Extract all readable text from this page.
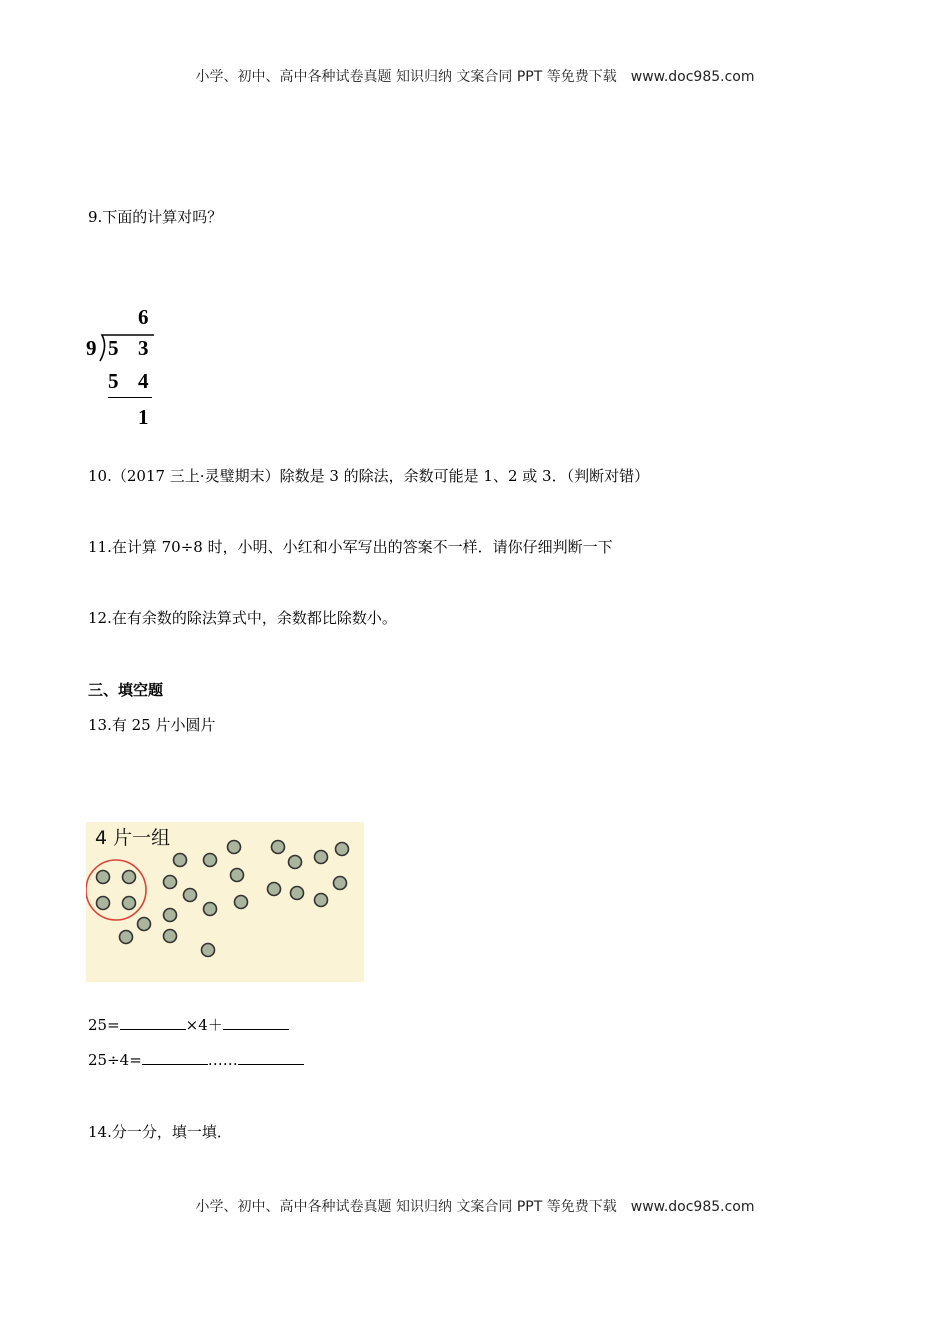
小学、初中、高中各种试卷真题 知识归纳 文案合同 PPT 等免费下载 www.doc985.com
9.下面的计算对吗？
6
9 5 3
5 4
1
10.（2017 三上·灵璧期末）除数是 3 的除法，余数可能是 1、2 或 3．（判断对错）
11.在计算 70÷8 时，小明、小红和小军写出的答案不一样．请你仔细判断一下
12.在有余数的除法算式中，余数都比除数小。
三、填空题
13.有 25 片小圆片
4 片一组
25=	×4＋
25÷4=	……
14.分一分，填一填．
小学、初中、高中各种试卷真题 知识归纳 文案合同 PPT 等免费下载 www.doc985.com
